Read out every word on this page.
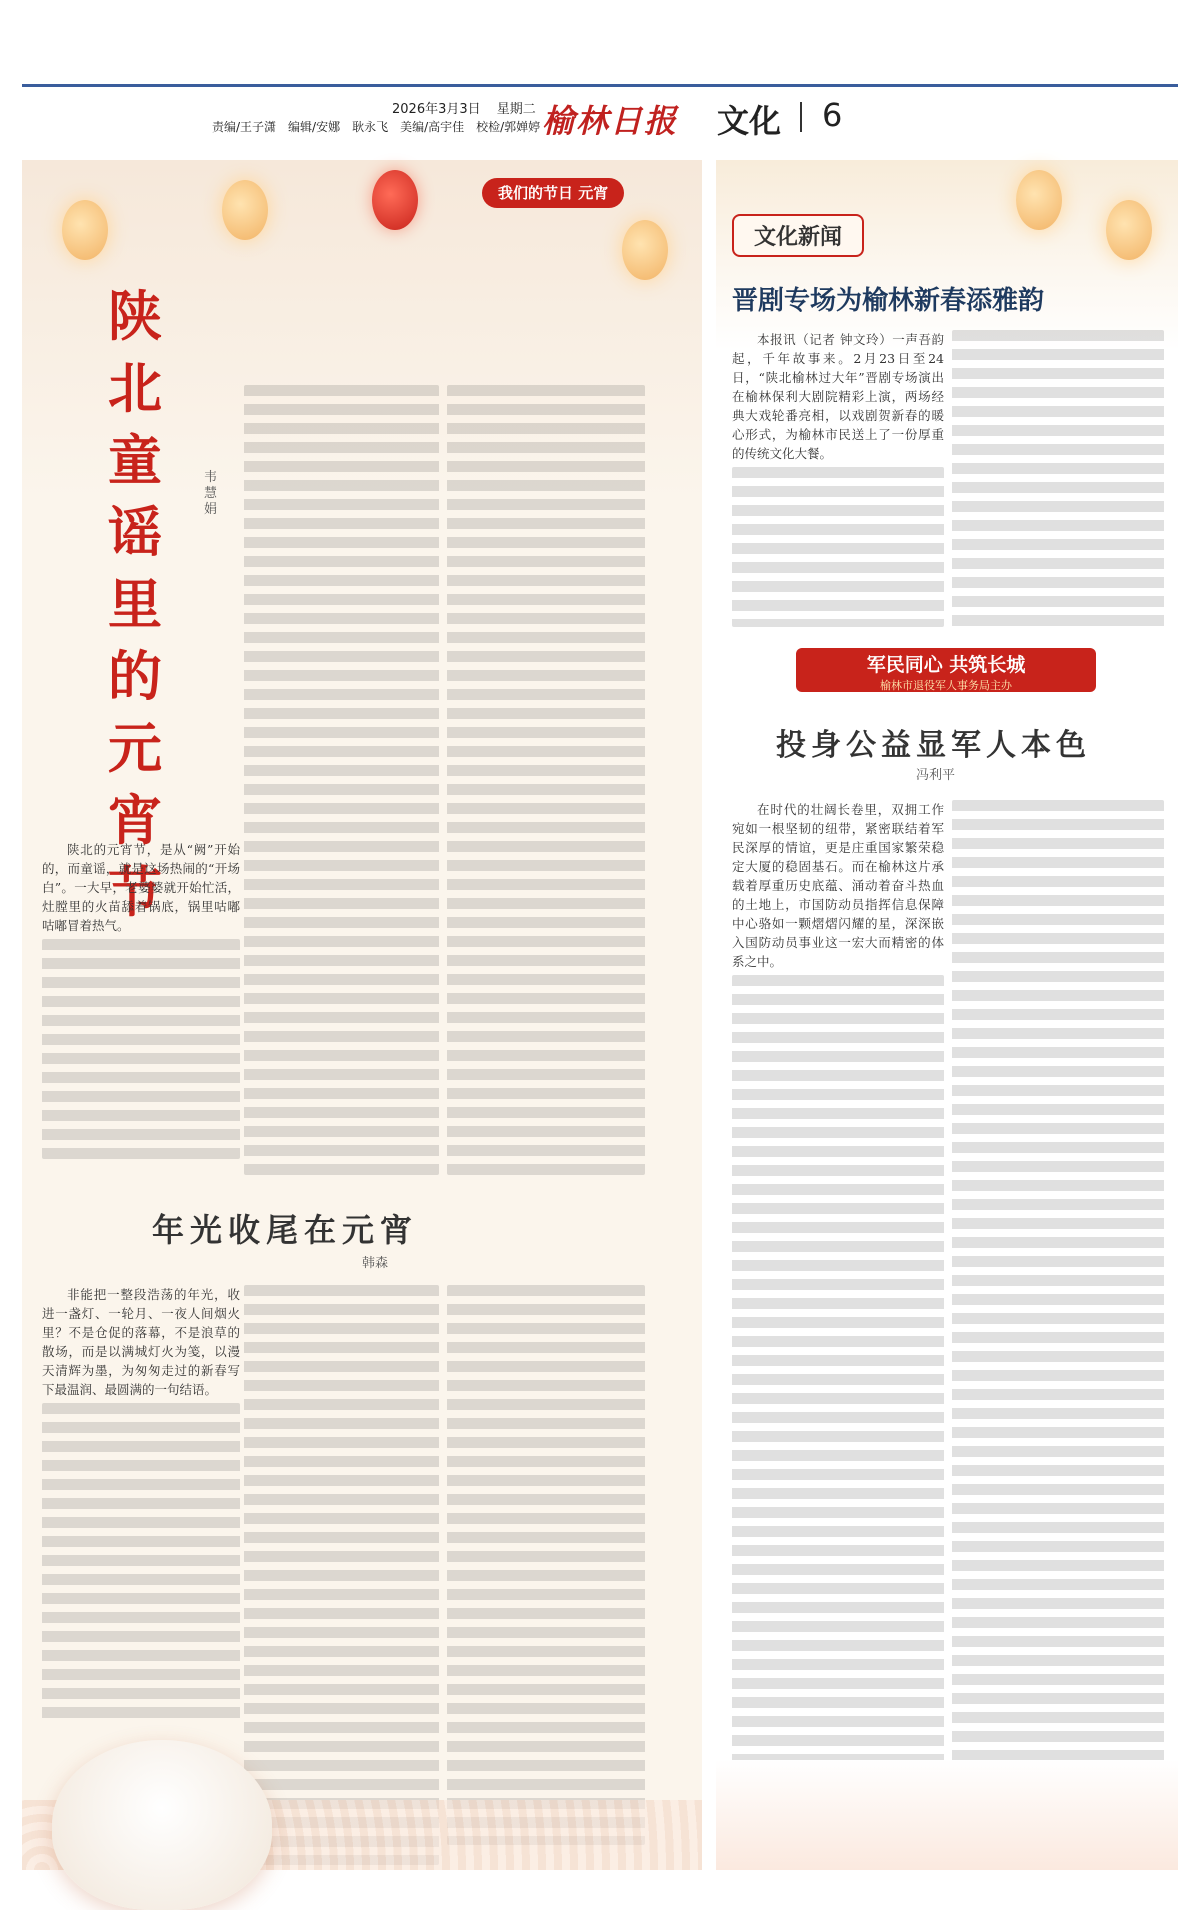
2026年3月3日 星期二
责编/王子潇　编辑/安娜　耿永飞　美编/高宇佳　校检/郭婵婷 榆林日报 文化 6
我们的节日 元宵
陕北童谣里的元宵节
韦慧娟

陕北的元宵节，是从“阙”开始的，而童谣，就是这场热闹的“开场白”。一大早，老婆婆就开始忙活，灶膛里的火苗舔着锅底，锅里咕嘟咕嘟冒着热气。

年光收尾在元宵
韩森

非能把一整段浩荡的年光，收进一盏灯、一轮月、一夜人间烟火里？不是仓促的落幕，不是浪草的散场，而是以满城灯火为笺，以漫天清辉为墨，为匆匆走过的新春写下最温润、最圆满的一句结语。

文化新闻
晋剧专场为榆林新春添雅韵

本报讯（记者 钟文玲）一声吾韵起，千年故事来。2月23日至24日，“陕北榆林过大年”晋剧专场演出在榆林保利大剧院精彩上演，两场经典大戏轮番亮相，以戏剧贺新春的暖心形式，为榆林市民送上了一份厚重的传统文化大餐。

军民同心 共筑长城
榆林市退役军人事务局主办
投身公益显军人本色
冯利平

在时代的壮阔长卷里，双拥工作宛如一根坚韧的纽带，紧密联结着军民深厚的情谊，更是庄重国家繁荣稳定大厦的稳固基石。而在榆林这片承载着厚重历史底蕴、涌动着奋斗热血的土地上，市国防动员指挥信息保障中心骆如一颗熠熠闪耀的星，深深嵌入国防动员事业这一宏大而精密的体系之中。
